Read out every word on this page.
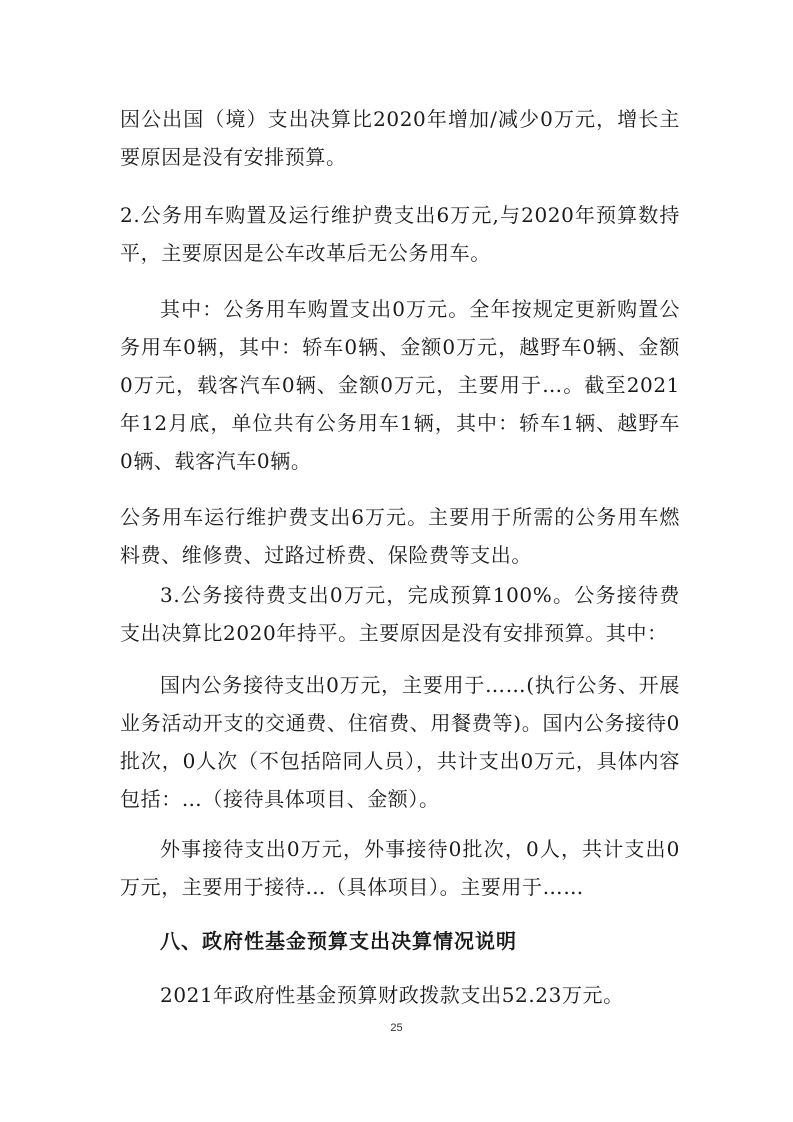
因公出国（境）支出决算比2020年增加/减少0万元，增长主要原因是没有安排预算。
2.公务用车购置及运行维护费支出6万元,与2020年预算数持平，主要原因是公车改革后无公务用车。
其中：公务用车购置支出0万元。全年按规定更新购置公务用车0辆，其中：轿车0辆、金额0万元，越野车0辆、金额0万元，载客汽车0辆、金额0万元，主要用于…。截至2021年12月底，单位共有公务用车1辆，其中：轿车1辆、越野车0辆、载客汽车0辆。
公务用车运行维护费支出6万元。主要用于所需的公务用车燃料费、维修费、过路过桥费、保险费等支出。
3.公务接待费支出0万元，完成预算100%。公务接待费支出决算比2020年持平。主要原因是没有安排预算。其中：
国内公务接待支出0万元，主要用于……(执行公务、开展业务活动开支的交通费、住宿费、用餐费等)。国内公务接待0批次，0人次（不包括陪同人员），共计支出0万元，具体内容包括：…（接待具体项目、金额）。
外事接待支出0万元，外事接待0批次，0人，共计支出0万元，主要用于接待…（具体项目）。主要用于……
八、政府性基金预算支出决算情况说明
2021年政府性基金预算财政拨款支出52.23万元。
25
